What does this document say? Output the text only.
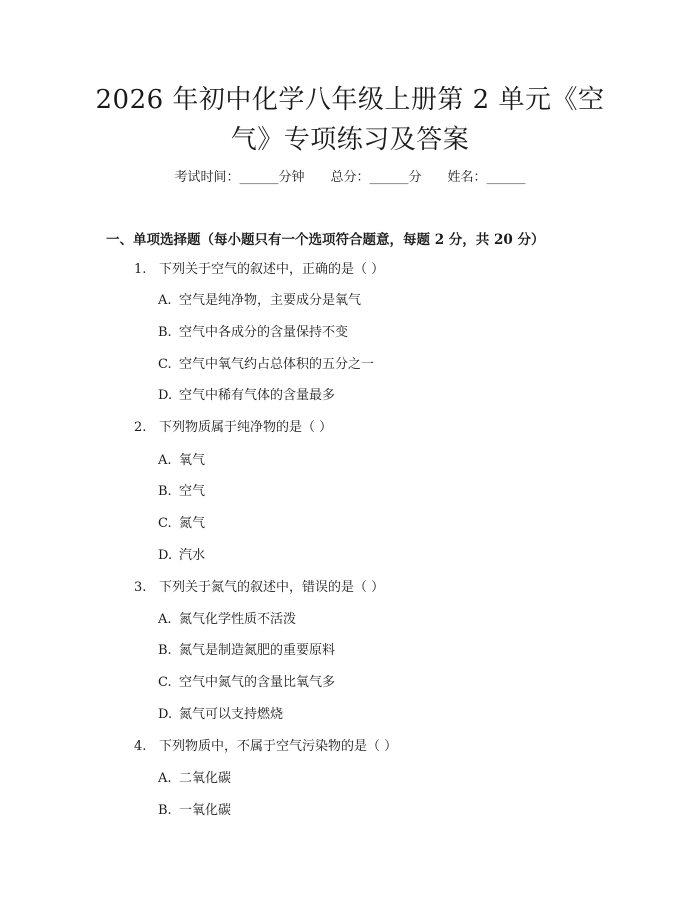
2026 年初中化学八年级上册第 2 单元《空
气》专项练习及答案
考试时间：______分钟 总分：______分 姓名：______
一、单项选择题（每小题只有一个选项符合题意，每题 2 分，共 20 分）
1. 下列关于空气的叙述中，正确的是（ ）
A. 空气是纯净物，主要成分是氧气
B. 空气中各成分的含量保持不变
C. 空气中氧气约占总体积的五分之一
D. 空气中稀有气体的含量最多
2. 下列物质属于纯净物的是（ ）
A. 氧气
B. 空气
C. 氮气
D. 汽水
3. 下列关于氮气的叙述中，错误的是（ ）
A. 氮气化学性质不活泼
B. 氮气是制造氮肥的重要原料
C. 空气中氮气的含量比氧气多
D. 氮气可以支持燃烧
4. 下列物质中，不属于空气污染物的是（ ）
A. 二氧化碳
B. 一氧化碳
